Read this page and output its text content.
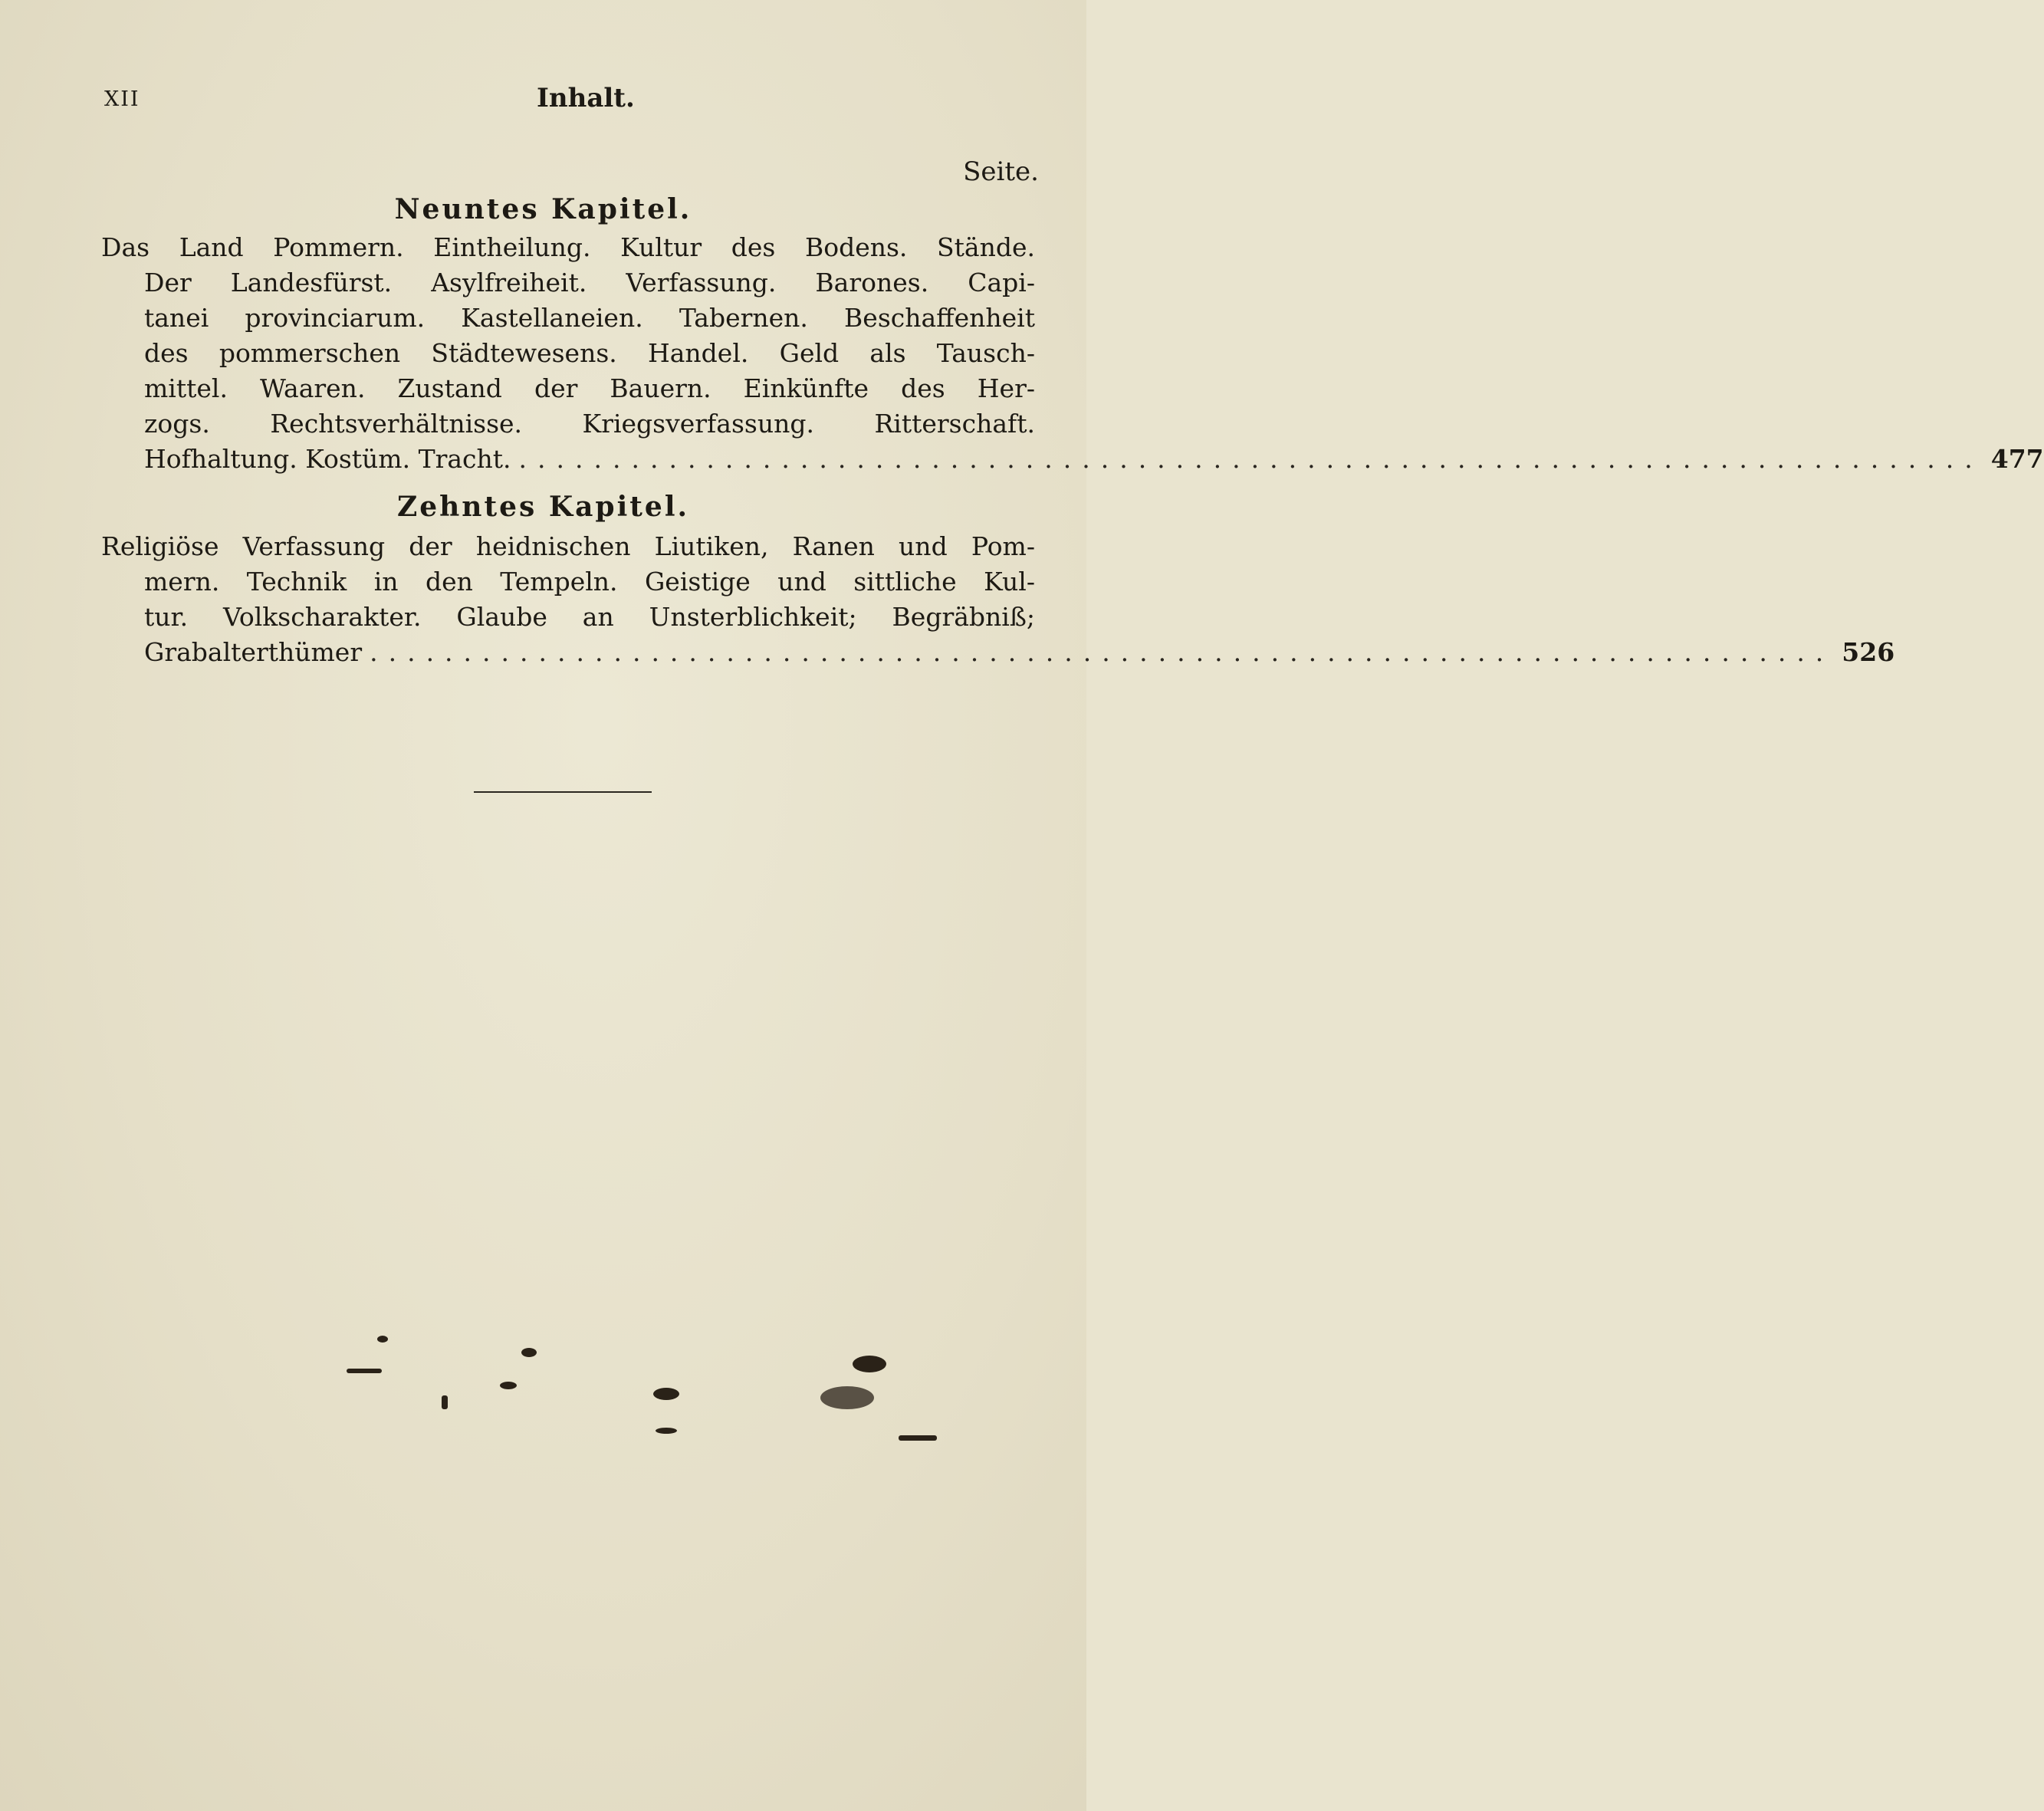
XII	Inhalt.
Seite.
Neuntes Kapitel.
Das Land Pommern. Eintheilung. Kultur des Bodens. Stände.
Der Landesfürst. Asylfreiheit. Verfassung. Barones. Capi-
tanei provinciarum. Kastellaneien. Tabernen. Beschaffenheit
des pommerschen Städtewesens. Handel. Geld als Tausch-
mittel. Waaren. Zustand der Bauern. Einkünfte des Her-
zogs. Rechtsverhältnisse. Kriegsverfassung. Ritterschaft.
Hofhaltung. Kostüm. Tracht. .............................................................................. 477
Zehntes Kapitel.
Religiöse Verfassung der heidnischen Liutiken, Ranen und Pom-
mern. Technik in den Tempeln. Geistige und sittliche Kul-
tur. Volkscharakter. Glaube an Unsterblichkeit; Begräbniß;
Grabalterthümer .............................................................................. 526
